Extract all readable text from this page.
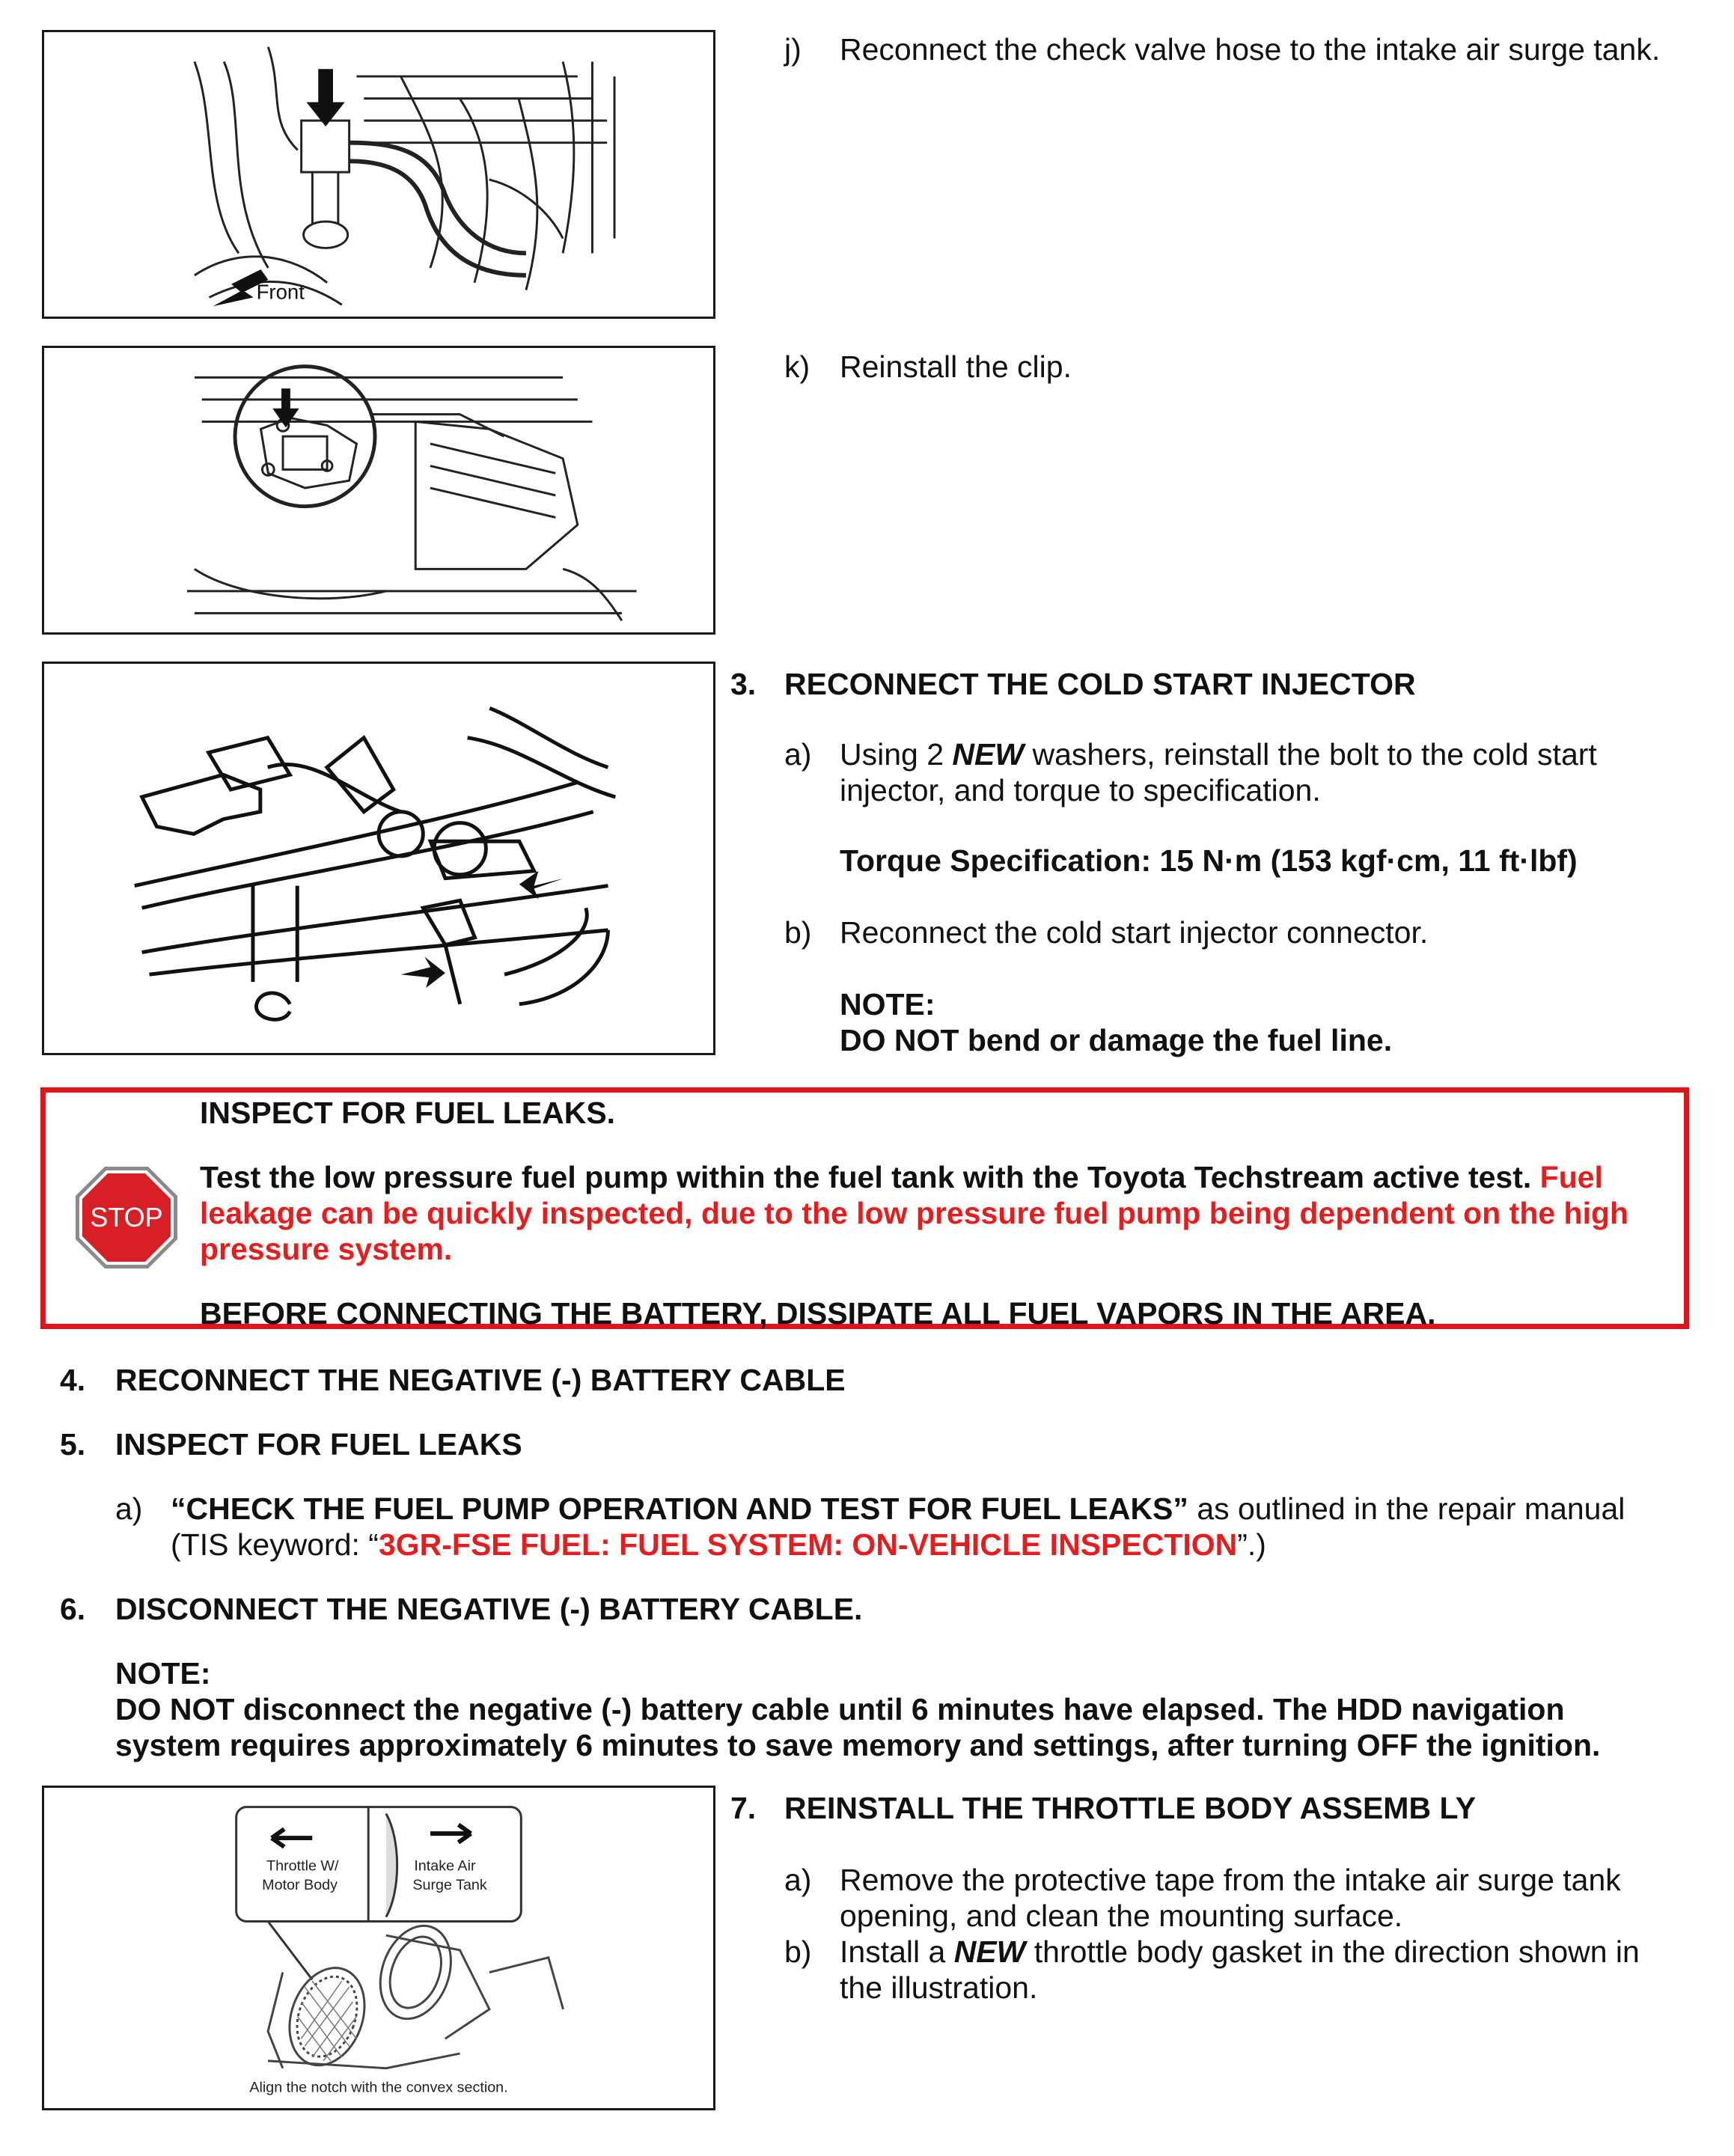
Front
j) Reconnect the check valve hose to the intake air surge tank.
k) Reinstall the clip.
3. RECONNECT THE COLD START INJECTOR
a) Using 2 NEW washers, reinstall the bolt to the cold start
injector, and torque to specification.
Torque Specification: 15 N·m (153 kgf·cm, 11 ft·lbf)
b) Reconnect the cold start injector connector.
NOTE:
DO NOT bend or damage the fuel line.
STOP
INSPECT FOR FUEL LEAKS.
Test the low pressure fuel pump within the fuel tank with the Toyota Techstream active test. Fuel
leakage can be quickly inspected, due to the low pressure fuel pump being dependent on the high
pressure system.
BEFORE CONNECTING THE BATTERY, DISSIPATE ALL FUEL VAPORS IN THE AREA.
4. RECONNECT THE NEGATIVE (-) BATTERY CABLE
5. INSPECT FOR FUEL LEAKS
a) “CHECK THE FUEL PUMP OPERATION AND TEST FOR FUEL LEAKS” as outlined in the repair manual
(TIS keyword: “3GR-FSE FUEL: FUEL SYSTEM: ON-VEHICLE INSPECTION”.)
6. DISCONNECT THE NEGATIVE (-) BATTERY CABLE.
NOTE:
DO NOT disconnect the negative (-) battery cable until 6 minutes have elapsed. The HDD navigation
system requires approximately 6 minutes to save memory and settings, after turning OFF the ignition.
Throttle W/
Motor Body
Intake Air
Surge Tank
Align the notch with the convex section.
7. REINSTALL THE THROTTLE BODY ASSEMB LY
a) Remove the protective tape from the intake air surge tank
opening, and clean the mounting surface.
b) Install a NEW throttle body gasket in the direction shown in
the illustration.
